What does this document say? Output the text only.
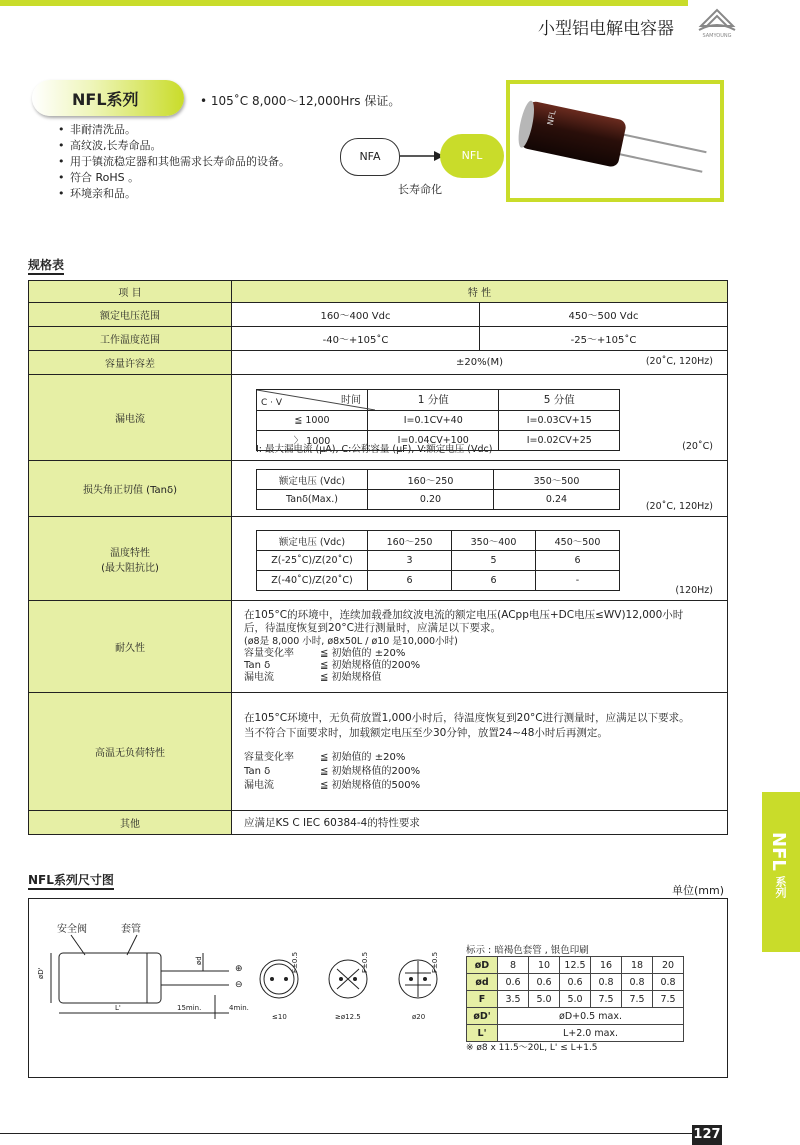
小型铝电解电容器	SAMYOUNG
NFL系列	• 105˚C 8,000～12,000Hrs 保证。
• 非耐清洗品。
• 高纹波,长寿命品。
• 用于镇流稳定器和其他需求长寿命品的设备。
• 符合 RoHS 。
• 环境亲和品。
NFA	NFL
长寿命化
NFL
规格表
项 目	特 性
额定电压范围	160～400 Vdc	450～500 Vdc
工作温度范围	-40～+105˚C	-25～+105˚C
容量许容差	±20%(M)	(20˚C, 120Hz)

漏电流	
时间
C · V	1 分值	5 分值
≦ 1000	I=0.1CV+40	I=0.03CV+15
〉 1000	I=0.04CV+100	I=0.02CV+25
I: 最大漏电流 (μA), C:公称容量 (μF), V:额定电压 (Vdc)	(20˚C)

损失角正切值 (Tanδ)	
额定电压 (Vdc)	160～250	350～500
Tanδ(Max.)	0.20	0.24
(20˚C, 120Hz)

温度特性
(最大阻抗比)

额定电压 (Vdc)	160～250	350～400	450～500
Z(-25˚C)/Z(20˚C)	3	5	6
Z(-40˚C)/Z(20˚C)	6	6	-
(120Hz)

耐久性	
在105°C的环境中，连续加载叠加纹波电流的额定电压(ACpp电压+DC电压≤WV)12,000小时
后，待温度恢复到20°C进行测量时，应满足以下要求。
(ø8是 8,000 小时, ø8x50L / ø10 是10,000小时)
容量变化率	≦ 初始值的 ±20%
Tan δ	≦ 初始规格值的200%
漏电流	≦ 初始规格值

高温无负荷特性	
在105°C环境中，无负荷放置1,000小时后，待温度恢复到20°C进行测量时，应满足以下要求。
当不符合下面要求时，加载额定电压至少30分钟，放置24~48小时后再测定。
容量变化率	≦ 初始值的 ±20%
Tan δ	≦ 初始规格值的200%
漏电流	≦ 初始规格值的500%

其他	应满足KS C IEC 60384-4的特性要求
NFL
系列
NFL系列尺寸图
单位(mm)
安全阀	套管
L'	15min.	4min.
øD'
ød
⊕
⊖
≤10	≥ø12.5	ø20
F±0.5	F±0.5	F±0.5
标示 : 暗褐色套管 , 银色印刷
øD	8	10	12.5	16	18	20
ød	0.6	0.6	0.6	0.8	0.8	0.8
F	3.5	5.0	5.0	7.5	7.5	7.5
øD'	øD+0.5 max.					
L'	L+2.0 max.					
※ ø8 x 11.5～20L, L' ≤ L+1.5
127
